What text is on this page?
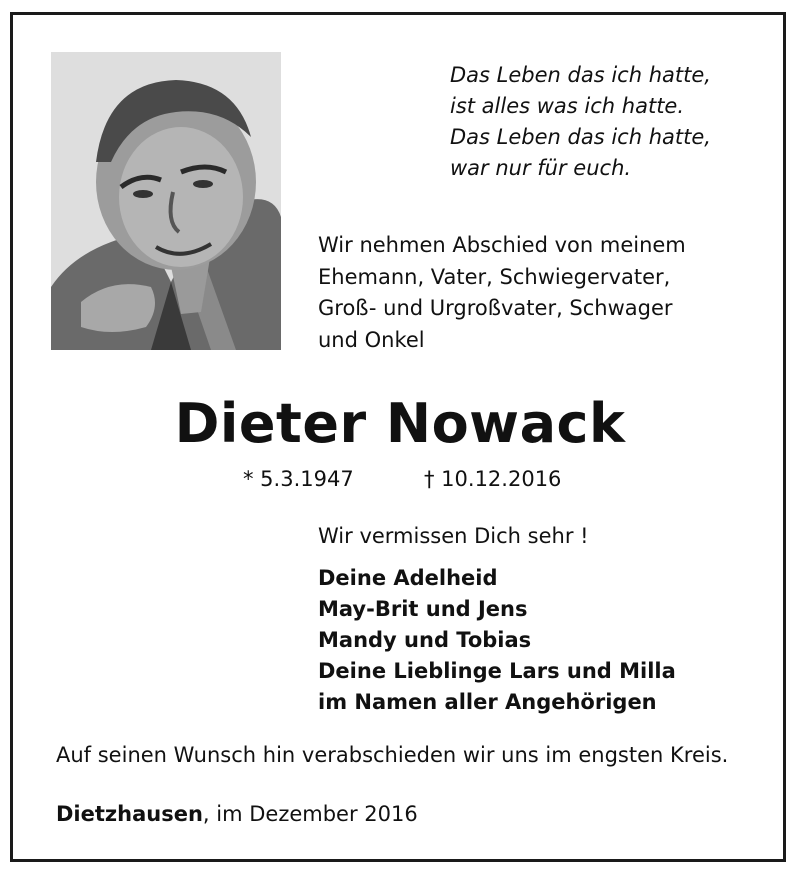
Das Leben das ich hatte,
ist alles was ich hatte.
Das Leben das ich hatte,
war nur für euch.
Wir nehmen Abschied von meinem
Ehemann, Vater, Schwiegervater,
Groß- und Urgroßvater, Schwager
und Onkel
Dieter Nowack
* 5.3.1947	† 10.12.2016
Wir vermissen Dich sehr !
Deine Adelheid
May-Brit und Jens
Mandy und Tobias
Deine Lieblinge Lars und Milla
im Namen aller Angehörigen
Auf seinen Wunsch hin verabschieden wir uns im engsten Kreis.
Dietzhausen, im Dezember 2016
